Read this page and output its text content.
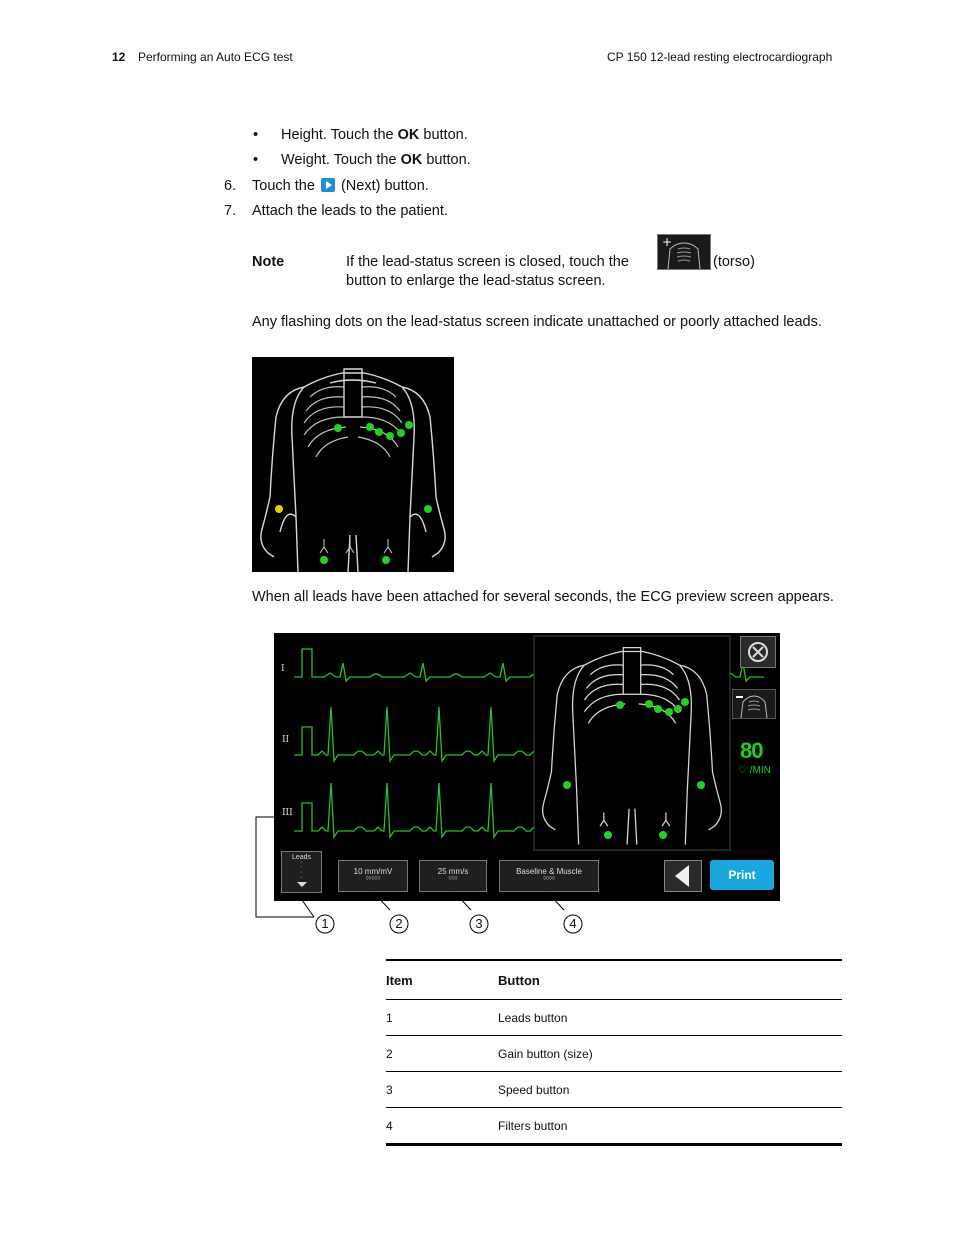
12 Performing an Auto ECG test	CP 150 12-lead resting electrocardiograph
• Height. Touch the OK button.
• Weight. Touch the OK button.
6. Touch the  (Next) button.
7. Attach the leads to the patient.
Note	If the lead-status screen is closed, touch the
+
(torso)
button to enlarge the lead-status screen.
Any flashing dots on the lead-status screen indicate unattached or poorly attached leads.
When all leads have been attached for several seconds, the ECG preview screen appears.
I
II
III
80
♡ /MIN
Leads
◦
◦
◦
◦
10 mm/mV
◊◊◊◊◊
25 mm/s
◊◊◊
Baseline & Muscle
◊◊◊◊	Print
1	2	3	4
Item	Button
1	Leads button
2	Gain button (size)
3	Speed button
4	Filters button
